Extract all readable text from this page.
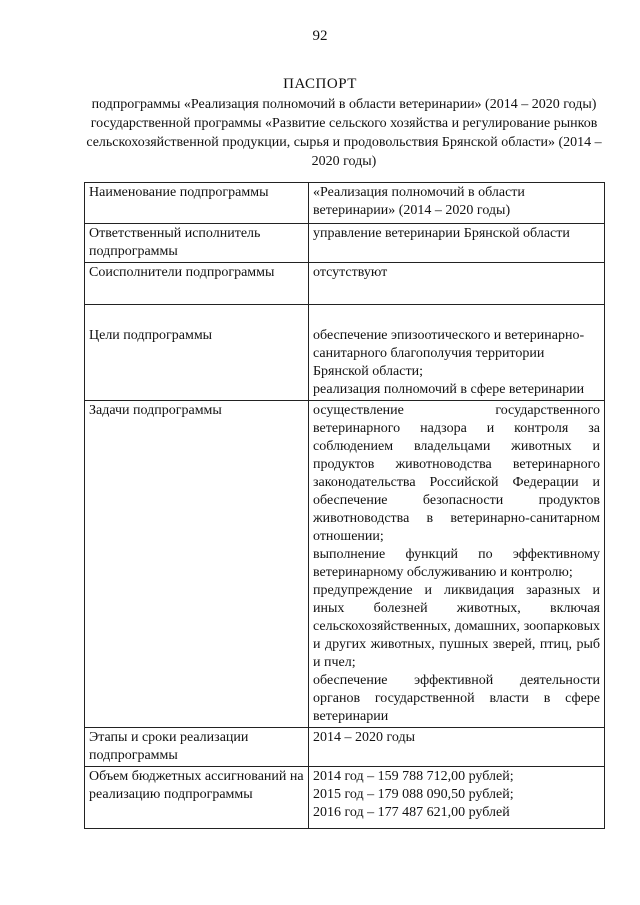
92
ПАСПОРТ
подпрограммы «Реализация полномочий в области ветеринарии» (2014 – 2020 годы) государственной программы «Развитие сельского хозяйства и регулирование рынков сельскохозяйственной продукции, сырья и продовольствия Брянской области» (2014 – 2020 годы)
Наименование подпрограммы	«Реализация полномочий в области ветеринарии» (2014 – 2020 годы)

Ответственный исполнитель подпрограммы	управление ветеринарии Брянской области

Соисполнители подпрограммы	отсутствуют

Цели подпрограммы	обеспечение эпизоотического и ветеринарно-санитарного благополучия территории Брянской области;

реализация полномочий в сфере ветеринарии

Задачи подпрограммы	осуществление государственного ветеринарного надзора и контроля за соблюдением владельцами животных и продуктов животноводства ветеринарного законодательства Российской Федерации и обеспечение безопасности продуктов животноводства в ветеринарно-санитарном отношении;

выполнение функций по эффективному ветеринарному обслуживанию и контролю;

предупреждение и ликвидация заразных и иных болезней животных, включая сельскохозяйственных, домашних, зоопарковых и других животных, пушных зверей, птиц, рыб и пчел;

обеспечение эффективной деятельности органов государственной власти в сфере ветеринарии

Этапы и сроки реализации подпрограммы	2014 – 2020 годы

Объем бюджетных ассигнований на реализацию подпрограммы	2014 год – 159 788 712,00 рублей;

2015 год – 179 088 090,50 рублей;

2016 год – 177 487 621,00 рублей
